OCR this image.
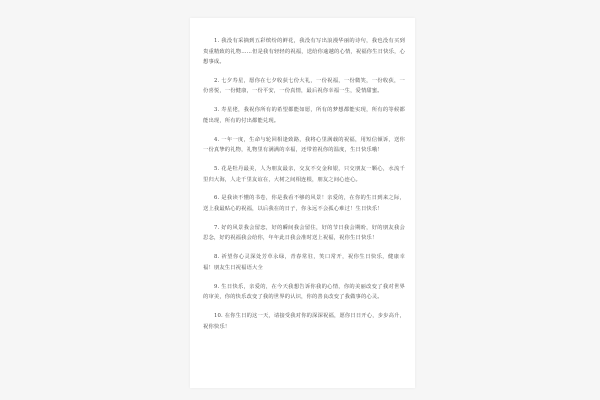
1. 我没有采摘到五彩缤纷的鲜花，我没有写出浪漫华丽的诗句，我也没有买到贵重精致的礼物……但是我有轻轻的祝福，送给你逾越的心情，祝福你生日快乐，心想事成。

2. 七夕寿星，愿你在七夕收获七份大礼，一份祝福，一份微笑，一份收获，一份喜悦，一份健康，一份平安，一份真情，最后祝你幸福一生，爱情甜蜜。

3. 寿星佬，我祝你所有的希望都能如愿，所有的梦想都能实现，所有的等候都能出现，所有的付出都能兑现。

4. 一年一度，生命与轮回相逢致路，我将心里满载的祝福，用短信倾诉，送你一份真挚的礼物，礼物里有满满的幸福，还带着祝你的温度，生日快乐哦！

5. 花是牡丹最美，人为朋友最亲，交友不交金和银，只交朋友一颗心，水流千里归大海，人走千里友谊在，大树之间相连根，朋友之间心连心。

6. 是我读不懂的书卷，你是我看不够的风景！亲爱的，在你的生日到来之际，送上我最贴心的祝福，以后我在的日子，你永远不会孤心难过！生日快乐！

7. 好的风景我会留恋，好的瞬间我会留住，好的节日我会期盼，好的朋友我会思念，好的祝福我会给你，年年此日我会准时送上祝福，祝你生日快乐！

8. 祈望你心灵深处芳草永绿，青春常驻，笑口常开，祝你生日快乐，健康幸福！朋友生日祝福语大全

9. 生日快乐，亲爱的，在今天我想告诉你我的心情，你的美丽改变了我对世界的审美，你的快乐改变了我的世界的认识，你的善良改变了我做事的心灵。

10. 在你生日的这一天，请接受我对你的深深祝福，愿你日日开心，步步高升，祝你快乐！
